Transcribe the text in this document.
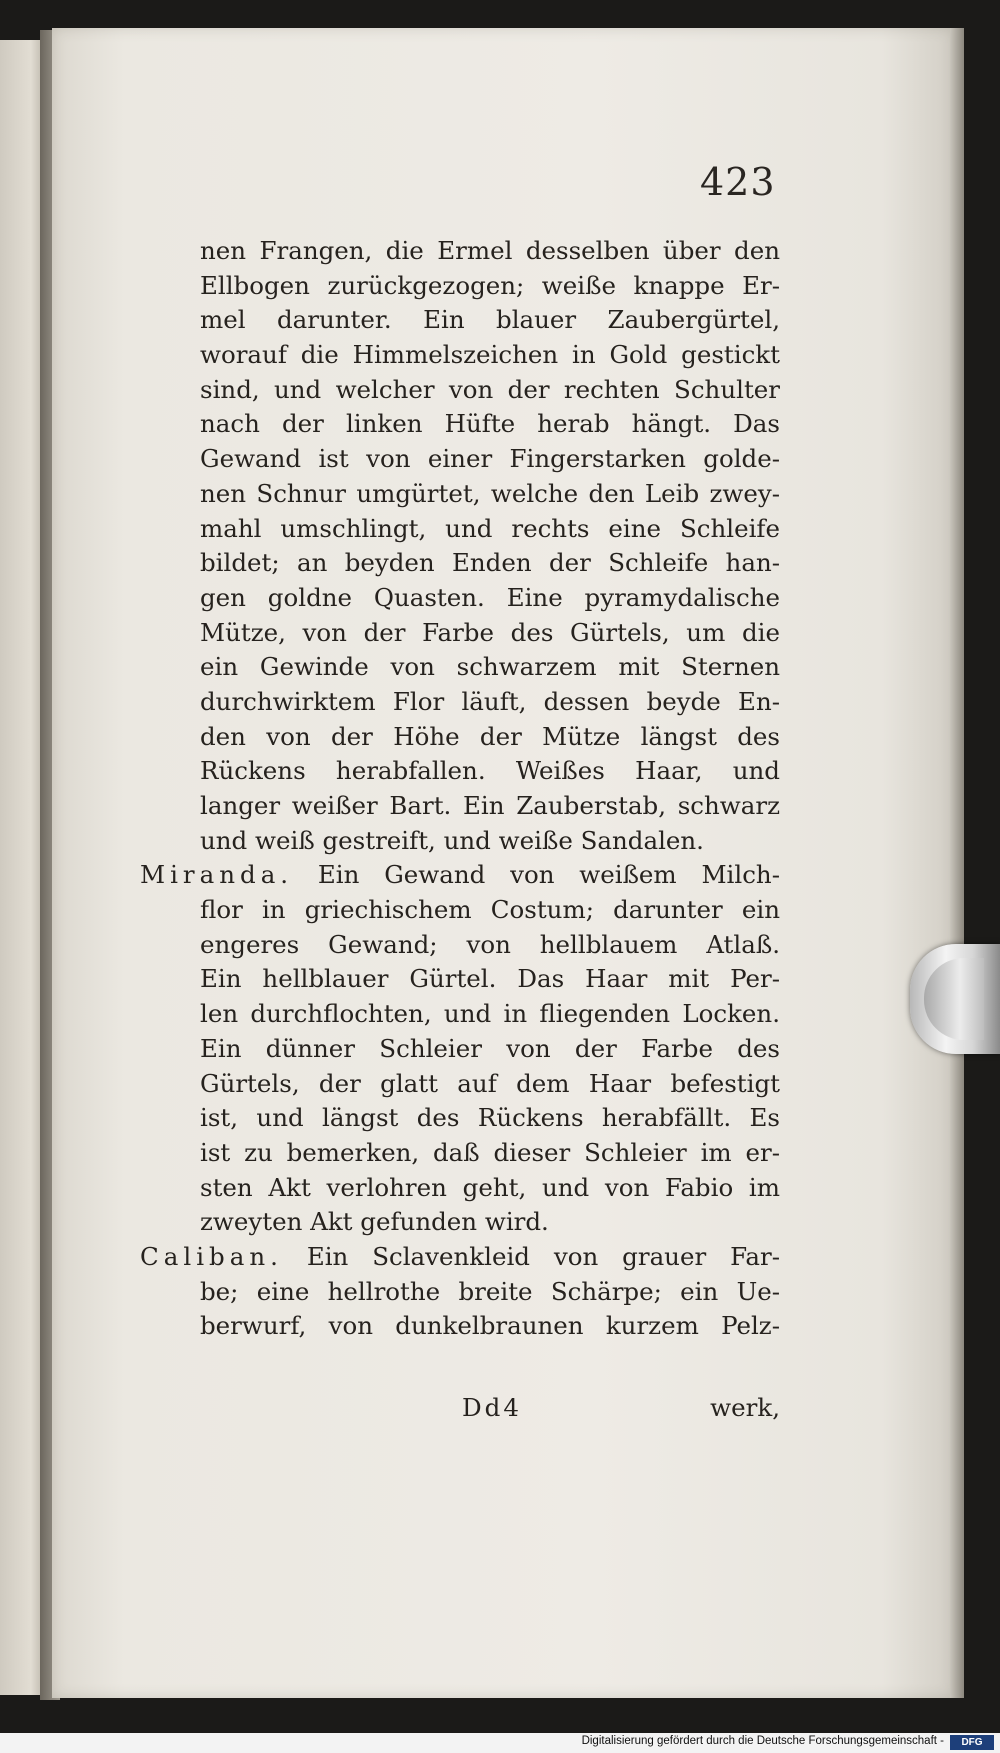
423
nen Frangen, die Ermel desselben über den
Ellbogen zurückgezogen; weiße knappe Er-
mel darunter. Ein blauer Zaubergürtel,
worauf die Himmelszeichen in Gold gestickt
sind, und welcher von der rechten Schulter
nach der linken Hüfte herab hängt. Das
Gewand ist von einer Fingerstarken golde-
nen Schnur umgürtet, welche den Leib zwey-
mahl umschlingt, und rechts eine Schleife
bildet; an beyden Enden der Schleife han-
gen goldne Quasten. Eine pyramydalische
Mütze, von der Farbe des Gürtels, um die
ein Gewinde von schwarzem mit Sternen
durchwirktem Flor läuft, dessen beyde En-
den von der Höhe der Mütze längst des
Rückens herabfallen. Weißes Haar, und
langer weißer Bart. Ein Zauberstab, schwarz
und weiß gestreift, und weiße Sandalen.
Miranda. Ein Gewand von weißem Milch-
flor in griechischem Costum; darunter ein
engeres Gewand; von hellblauem Atlaß.
Ein hellblauer Gürtel. Das Haar mit Per-
len durchflochten, und in fliegenden Locken.
Ein dünner Schleier von der Farbe des
Gürtels, der glatt auf dem Haar befestigt
ist, und längst des Rückens herabfällt. Es
ist zu bemerken, daß dieser Schleier im er-
sten Akt verlohren geht, und von Fabio im
zweyten Akt gefunden wird.
Caliban. Ein Sclavenkleid von grauer Far-
be; eine hellrothe breite Schärpe; ein Ue-
berwurf, von dunkelbraunen kurzem Pelz-
Dd4	werk,
Digitalisierung gefördert durch die Deutsche Forschungsgemeinschaft -	DFG
